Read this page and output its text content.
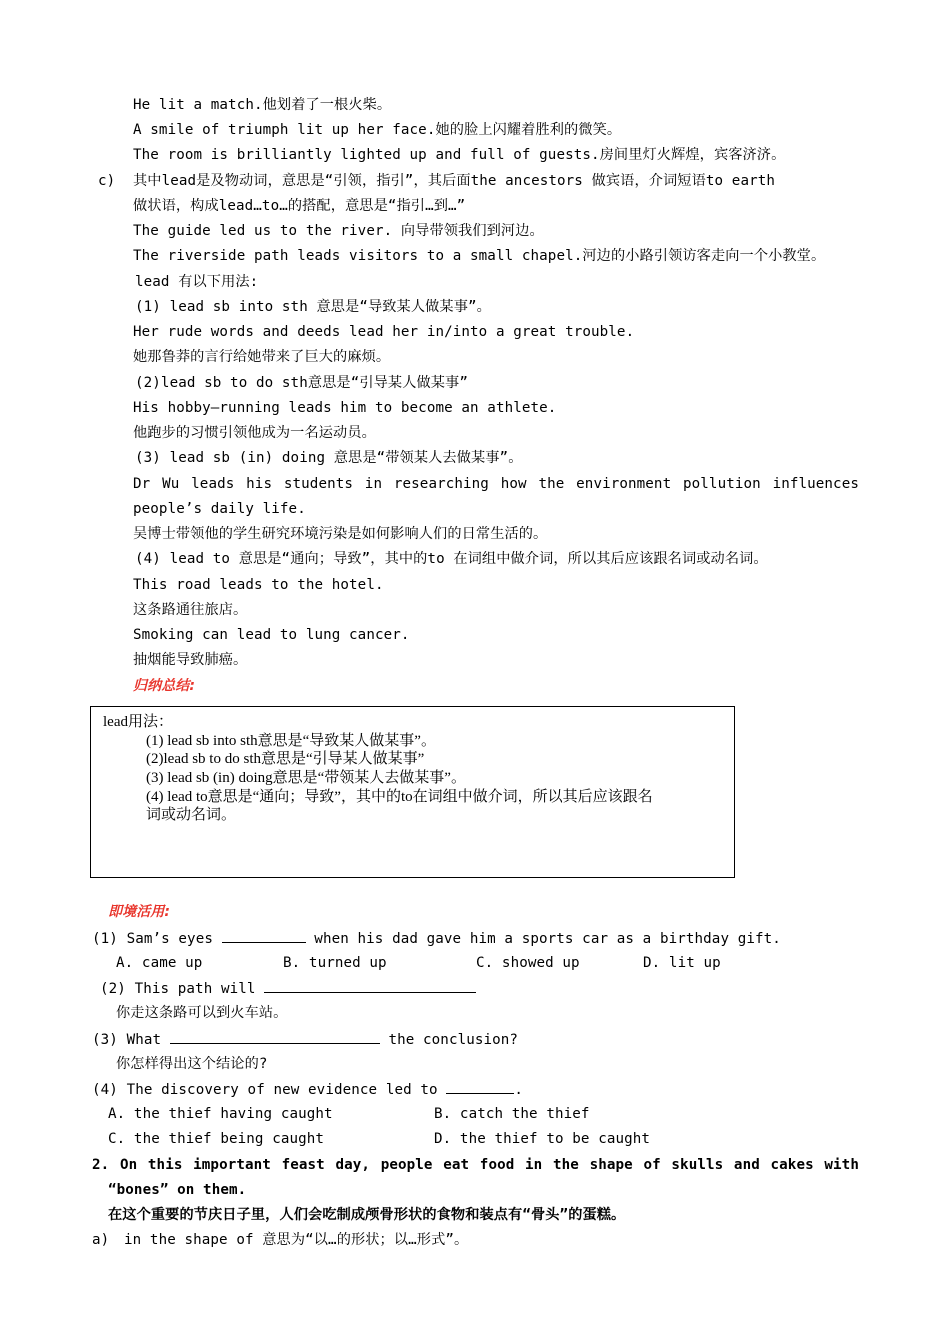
He lit a match.他划着了一根火柴。
A smile of triumph lit up her face.她的脸上闪耀着胜利的微笑。
The room is brilliantly lighted up and full of guests.房间里灯火辉煌，宾客济济。
c) 其中lead是及物动词，意思是“引领，指引”，其后面the ancestors 做宾语，介词短语to earth
做状语，构成lead…to…的搭配，意思是“指引…到…”
The guide led us to the river. 向导带领我们到河边。
The riverside path leads visitors to a small chapel.河边的小路引领访客走向一个小教堂。
lead 有以下用法:
(1) lead sb into sth 意思是“导致某人做某事”。
Her rude words and deeds lead her in/into a great trouble.
她那鲁莽的言行给她带来了巨大的麻烦。
(2)lead sb to do sth意思是“引导某人做某事”
His hobby—running leads him to become an athlete.
他跑步的习惯引领他成为一名运动员。
(3) lead sb (in) doing 意思是“带领某人去做某事”。
Dr Wu leads his students in researching how the environment pollution influences
people’s daily life.
吴博士带领他的学生研究环境污染是如何影响人们的日常生活的。
(4) lead to 意思是“通向；导致”，其中的to 在词组中做介词，所以其后应该跟名词或动名词。
This road leads to the hotel.
这条路通往旅店。
Smoking can lead to lung cancer.
抽烟能导致肺癌。
归纳总结:
lead用法：
(1) lead sb into sth意思是“导致某人做某事”。
(2)lead sb to do sth意思是“引导某人做某事”
(3) lead sb (in) doing意思是“带领某人去做某事”。
(4) lead to意思是“通向；导致”，其中的to在词组中做介词，所以其后应该跟名
词或动名词。
即境活用:
(1) Sam’s eyes	when his dad gave him a sports car as a birthday gift.
A. came up	B. turned up	C. showed up	D. lit up
(2) This path will
你走这条路可以到火车站。
(3) What	the conclusion?
你怎样得出这个结论的?
(4) The discovery of new evidence led to	.
A. the thief having caught	B. catch the thief
C. the thief being caught	D. the thief to be caught
2. On this important feast day, people eat food in the shape of skulls and cakes with
“bones” on them.
在这个重要的节庆日子里，人们会吃制成颅骨形状的食物和装点有“骨头”的蛋糕。
a) in the shape of 意思为“以…的形状；以…形式”。
